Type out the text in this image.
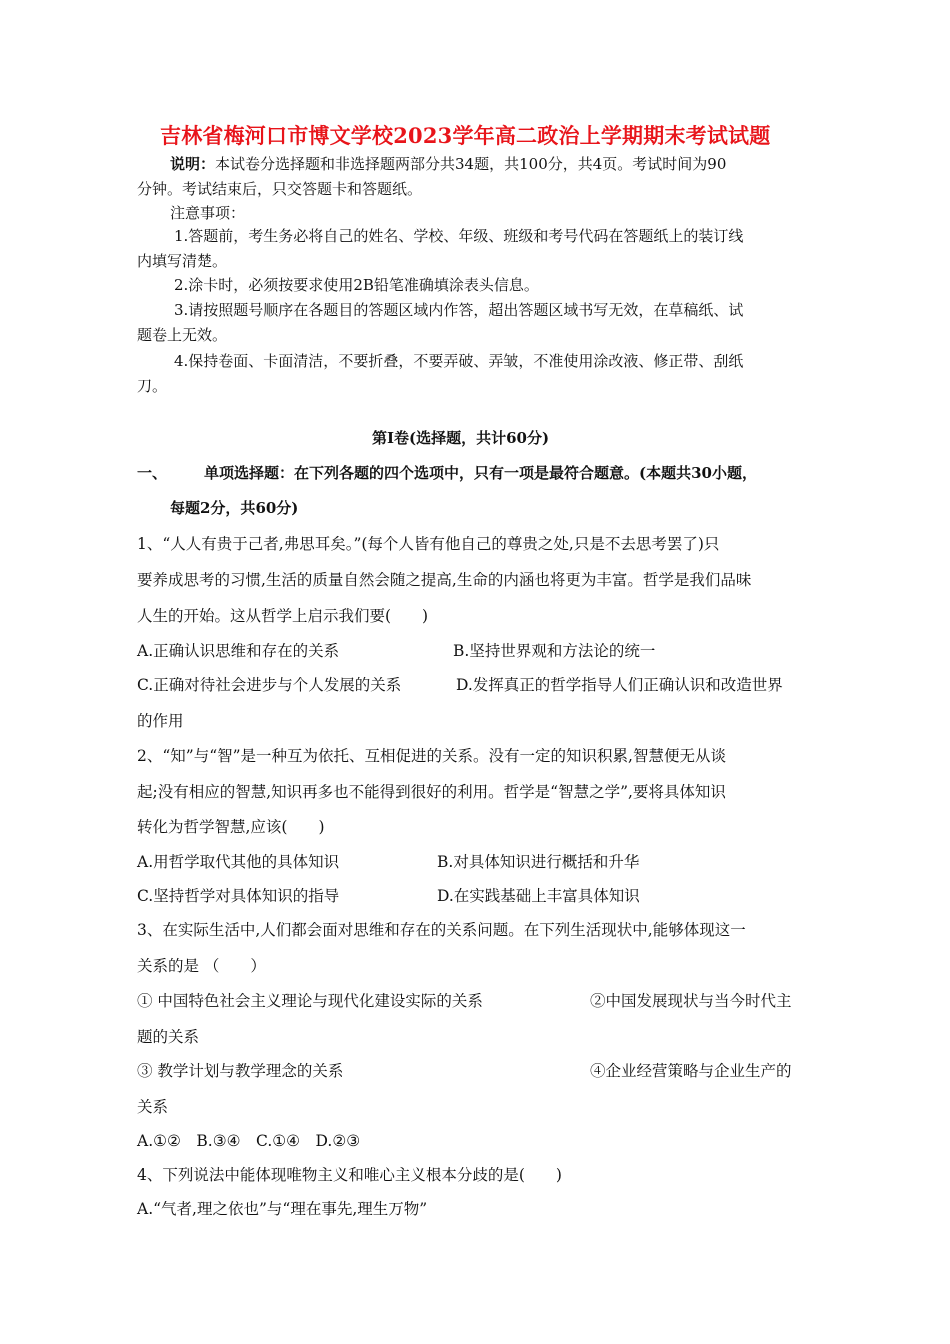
吉林省梅河口市博文学校2023学年高二政治上学期期末考试试题
说明：本试卷分选择题和非选择题两部分共34题，共100分，共4页。考试时间为90
分钟。考试结束后，只交答题卡和答题纸。
注意事项：
1.答题前，考生务必将自己的姓名、学校、年级、班级和考号代码在答题纸上的装订线
内填写清楚。
2.涂卡时，必须按要求使用2B铅笔准确填涂表头信息。
3.请按照题号顺序在各题目的答题区域内作答，超出答题区域书写无效，在草稿纸、试
题卷上无效。
4.保持卷面、卡面清洁，不要折叠，不要弄破、弄皱，不准使用涂改液、修正带、刮纸
刀。
第Ⅰ卷(选择题，共计60分)
一、 单项选择题：在下列各题的四个选项中，只有一项是最符合题意。(本题共30小题，
每题2分，共60分)
1、“人人有贵于己者,弗思耳矣。”(每个人皆有他自己的尊贵之处,只是不去思考罢了)只
要养成思考的习惯,生活的质量自然会随之提高,生命的内涵也将更为丰富。哲学是我们品味
人生的开始。这从哲学上启示我们要(　　)
A.正确认识思维和存在的关系	B.坚持世界观和方法论的统一
C.正确对待社会进步与个人发展的关系	D.发挥真正的哲学指导人们正确认识和改造世界
的作用
2、“知”与“智”是一种互为依托、互相促进的关系。没有一定的知识积累,智慧便无从谈
起;没有相应的智慧,知识再多也不能得到很好的利用。哲学是“智慧之学”,要将具体知识
转化为哲学智慧,应该(　　)
A.用哲学取代其他的具体知识	B.对具体知识进行概括和升华
C.坚持哲学对具体知识的指导	D.在实践基础上丰富具体知识
3、在实际生活中,人们都会面对思维和存在的关系问题。在下列生活现状中,能够体现这一
关系的是 （　　）
① 中国特色社会主义理论与现代化建设实际的关系	②中国发展现状与当今时代主
题的关系
③ 教学计划与教学理念的关系	④企业经营策略与企业生产的
关系
A.①②　B.③④　C.①④　D.②③
4、下列说法中能体现唯物主义和唯心主义根本分歧的是(　　)
A.“气者,理之依也”与“理在事先,理生万物”
